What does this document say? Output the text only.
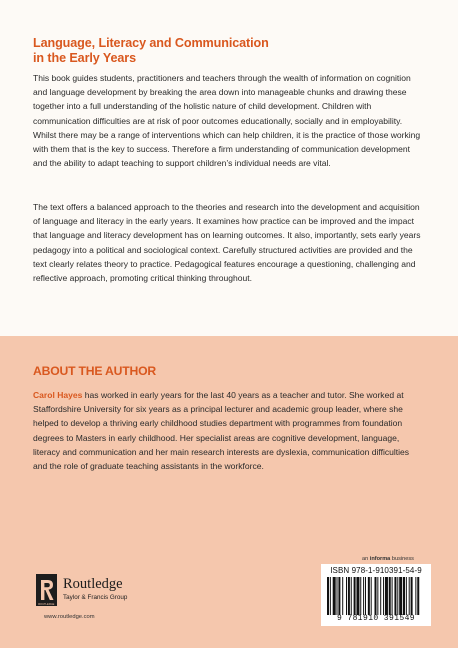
Language, Literacy and Communication
in the Early Years

This book guides students, practitioners and teachers through the wealth of information on cognition and language development by breaking the area down into manageable chunks and drawing these together into a full understanding of the holistic nature of child development. Children with communication difficulties are at risk of poor outcomes educationally, socially and in employability. Whilst there may be a range of interventions which can help children, it is the practice of those working with them that is the key to success. Therefore a firm understanding of communication development and the ability to adapt teaching to support children’s individual needs are vital.

The text offers a balanced approach to the theories and research into the development and acquisition of language and literacy in the early years. It examines how practice can be improved and the impact that language and literacy development has on learning outcomes. It also, importantly, sets early years pedagogy into a political and sociological context. Carefully structured activities are provided and the text clearly relates theory to practice. Pedagogical features encourage a questioning, challenging and reflective approach, promoting critical thinking throughout.

ABOUT THE AUTHOR

Carol Hayes has worked in early years for the last 40 years as a teacher and tutor. She worked at Staffordshire University for six years as a principal lecturer and academic group leader, where she helped to develop a thriving early childhood studies department with programmes from foundation degrees to Masters in early childhood. Her specialist areas are cognitive development, language, literacy and communication and her main research interests are dyslexia, communication difficulties and the role of graduate teaching assistants in the workforce.

ROUTLEDGE
Routledge
Taylor & Francis Group
www.routledge.com
an informa business
ISBN 978-1-910391-54-9
9 781910 391549
